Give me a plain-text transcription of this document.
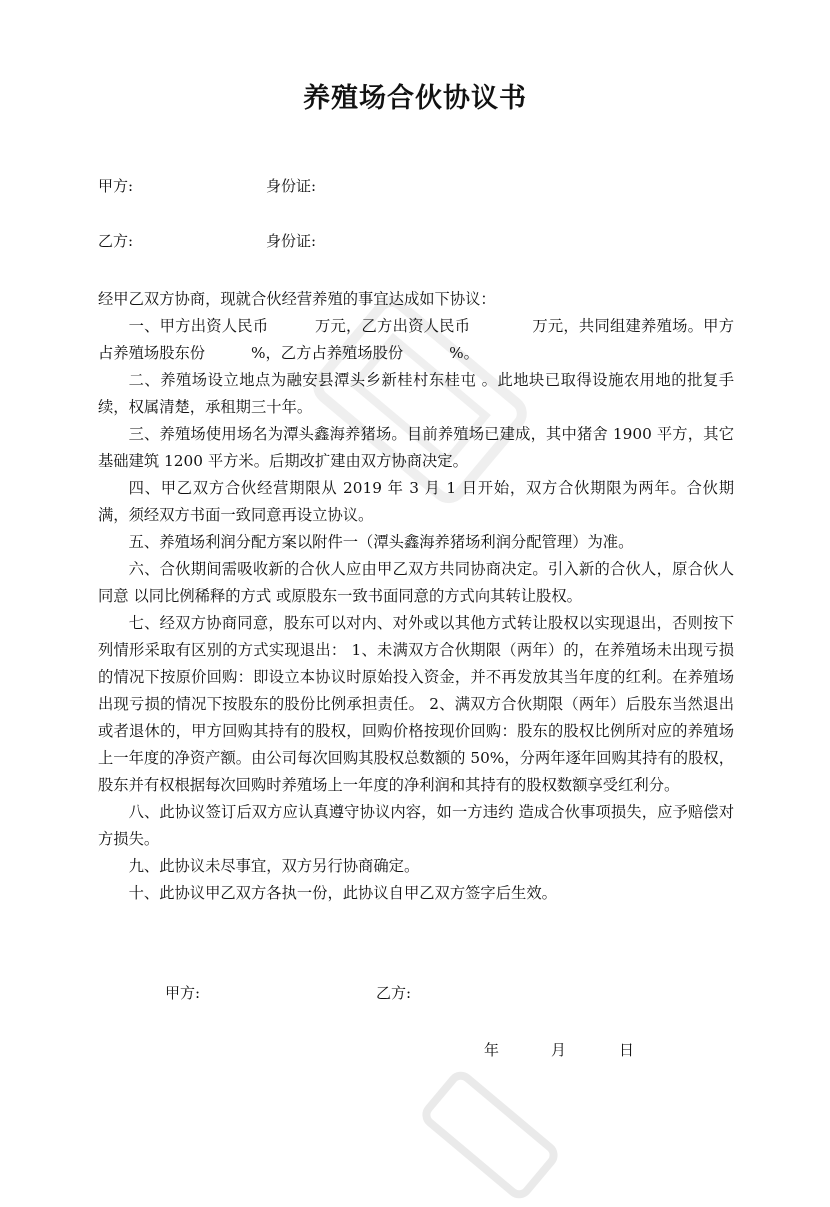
养殖场合伙协议书
甲方:	身份证:
乙方:	身份证:

经甲乙双方协商，现就合伙经营养殖的事宜达成如下协议：

一、甲方出资人民币　　　万元，乙方出资人民币　　　　万元，共同组建养殖场。甲方占养殖场股东份　　　%，乙方占养殖场股份　　　%。

二、养殖场设立地点为融安县潭头乡新桂村东桂屯 。此地块已取得设施农用地的批复手续，权属清楚，承租期三十年。

三、养殖场使用场名为潭头鑫海养猪场。目前养殖场已建成，其中猪舍 1900 平方，其它基础建筑 1200 平方米。后期改扩建由双方协商决定。

四、甲乙双方合伙经营期限从 2019 年 3 月 1 日开始，双方合伙期限为两年。合伙期满，须经双方书面一致同意再设立协议。

五、养殖场利润分配方案以附件一（潭头鑫海养猪场利润分配管理）为准。

六、合伙期间需吸收新的合伙人应由甲乙双方共同协商决定。引入新的合伙人，原合伙人同意 以同比例稀释的方式 或原股东一致书面同意的方式向其转让股权。

七、经双方协商同意，股东可以对内、对外或以其他方式转让股权以实现退出，否则按下列情形采取有区别的方式实现退出： 1、未满双方合伙期限（两年）的，在养殖场未出现亏损的情况下按原价回购：即设立本协议时原始投入资金，并不再发放其当年度的红利。在养殖场出现亏损的情况下按股东的股份比例承担责任。 2、满双方合伙期限（两年）后股东当然退出或者退休的，甲方回购其持有的股权，回购价格按现价回购：股东的股权比例所对应的养殖场上一年度的净资产额。由公司每次回购其股权总数额的 50%，分两年逐年回购其持有的股权，股东并有权根据每次回购时养殖场上一年度的净利润和其持有的股权数额享受红利分。

八、此协议签订后双方应认真遵守协议内容，如一方违约 造成合伙事项损失，应予赔偿对方损失。

九、此协议未尽事宜，双方另行协商确定。

十、此协议甲乙双方各执一份，此协议自甲乙双方签字后生效。

甲方:	乙方:
年	月	日
